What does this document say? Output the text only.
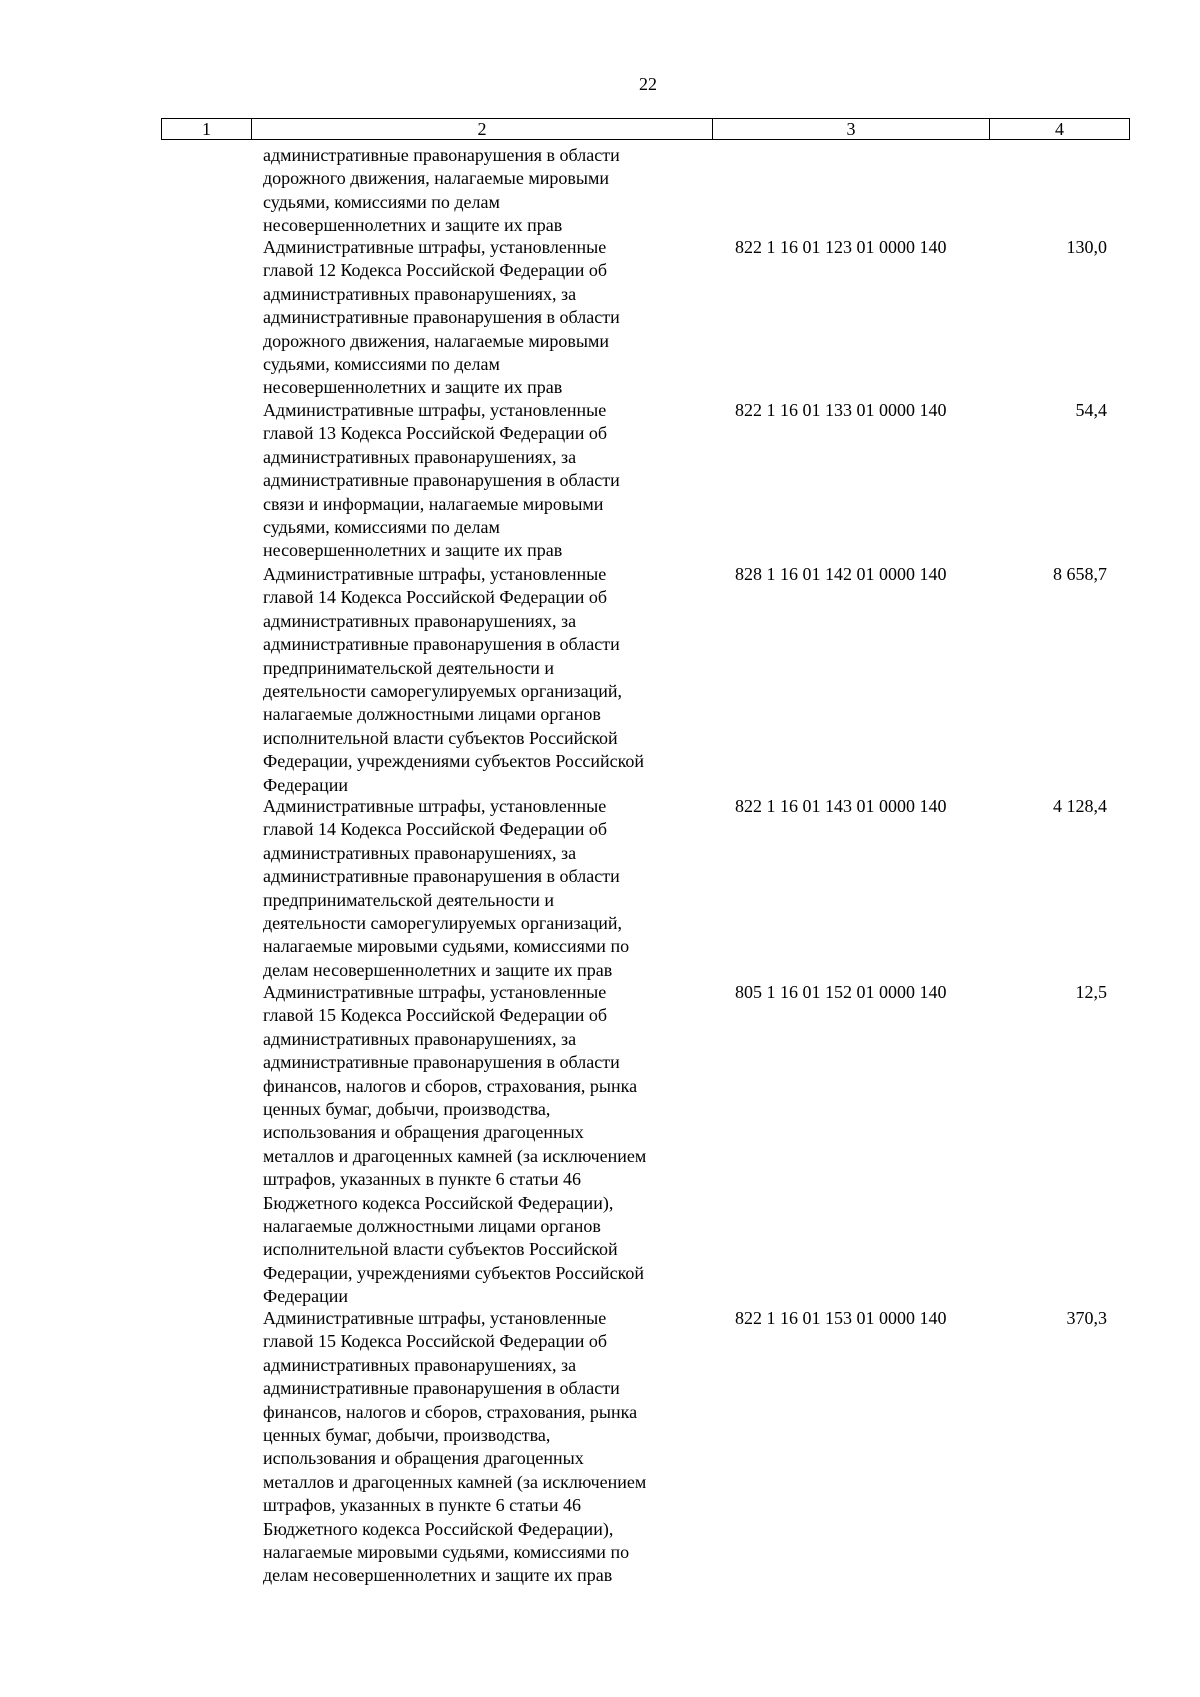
22
1	2	3	4
административные правонарушения в области
дорожного движения, налагаемые мировыми
судьями, комиссиями по делам
несовершеннолетних и защите их прав
Административные штрафы, установленные
главой 12 Кодекса Российской Федерации об
административных правонарушениях, за
административные правонарушения в области
дорожного движения, налагаемые мировыми
судьями, комиссиями по делам
несовершеннолетних и защите их прав
822 1 16 01 123 01 0000 140	130,0
Административные штрафы, установленные
главой 13 Кодекса Российской Федерации об
административных правонарушениях, за
административные правонарушения в области
связи и информации, налагаемые мировыми
судьями, комиссиями по делам
несовершеннолетних и защите их прав
822 1 16 01 133 01 0000 140	54,4
Административные штрафы, установленные
главой 14 Кодекса Российской Федерации об
административных правонарушениях, за
административные правонарушения в области
предпринимательской деятельности и
деятельности саморегулируемых организаций,
налагаемые должностными лицами органов
исполнительной власти субъектов Российской
Федерации, учреждениями субъектов Российской
Федерации
828 1 16 01 142 01 0000 140	8 658,7
Административные штрафы, установленные
главой 14 Кодекса Российской Федерации об
административных правонарушениях, за
административные правонарушения в области
предпринимательской деятельности и
деятельности саморегулируемых организаций,
налагаемые мировыми судьями, комиссиями по
делам несовершеннолетних и защите их прав
822 1 16 01 143 01 0000 140	4 128,4
Административные штрафы, установленные
главой 15 Кодекса Российской Федерации об
административных правонарушениях, за
административные правонарушения в области
финансов, налогов и сборов, страхования, рынка
ценных бумаг, добычи, производства,
использования и обращения драгоценных
металлов и драгоценных камней (за исключением
штрафов, указанных в пункте 6 статьи 46
Бюджетного кодекса Российской Федерации),
налагаемые должностными лицами органов
исполнительной власти субъектов Российской
Федерации, учреждениями субъектов Российской
Федерации
805 1 16 01 152 01 0000 140	12,5
Административные штрафы, установленные
главой 15 Кодекса Российской Федерации об
административных правонарушениях, за
административные правонарушения в области
финансов, налогов и сборов, страхования, рынка
ценных бумаг, добычи, производства,
использования и обращения драгоценных
металлов и драгоценных камней (за исключением
штрафов, указанных в пункте 6 статьи 46
Бюджетного кодекса Российской Федерации),
налагаемые мировыми судьями, комиссиями по
делам несовершеннолетних и защите их прав
822 1 16 01 153 01 0000 140	370,3
